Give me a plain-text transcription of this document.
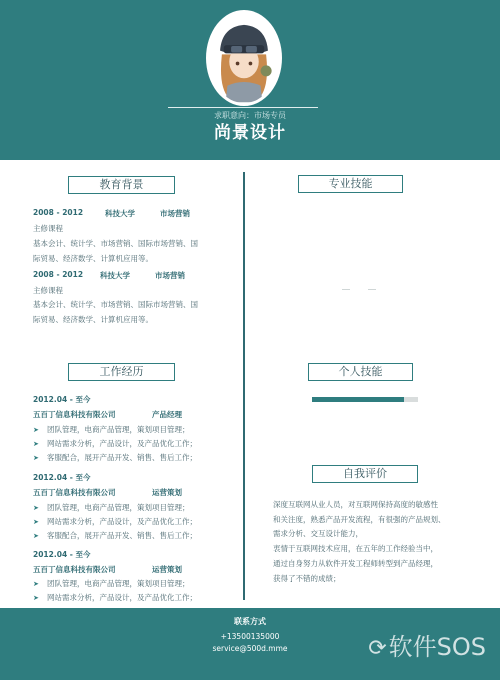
求职意向：市场专员
尚景设计
教育背景
2008 - 2012	科技大学	市场营销
主修课程
基本会计、统计学、市场营销、国际市场营销、国
际贸易、经济数学、计算机应用等。
2008 - 2012 科技大学	市场营销
主修课程
基本会计、统计学、市场营销、国际市场营销、国
际贸易、经济数学、计算机应用等。
专业技能
工作经历
2012.04 - 至今
五百丁信息科技有限公司	产品经理
➤ 团队管理，电商产品管理，策划项目管理；
➤ 网站需求分析，产品设计，及产品优化工作；
➤ 客服配合，展开产品开发、销售、售后工作；
2012.04 - 至今
五百丁信息科技有限公司	运营策划
➤ 团队管理，电商产品管理，策划项目管理；
➤ 网站需求分析，产品设计，及产品优化工作；
➤ 客服配合，展开产品开发、销售、售后工作；
2012.04 - 至今
五百丁信息科技有限公司	运营策划
➤ 团队管理，电商产品管理，策划项目管理；
➤ 网站需求分析，产品设计，及产品优化工作；
个人技能
自我评价
深度互联网从业人员，对互联网保持高度的敏感性
和关注度，熟悉产品开发流程，有很强的产品规划、
需求分析、交互设计能力，
衷情于互联网技术应用，在五年的工作经验当中，
通过自身努力从软件开发工程师转型到产品经理，
获得了不错的成绩；
联系方式
+13500135000
service@500d.mme	⟳软件SOS
